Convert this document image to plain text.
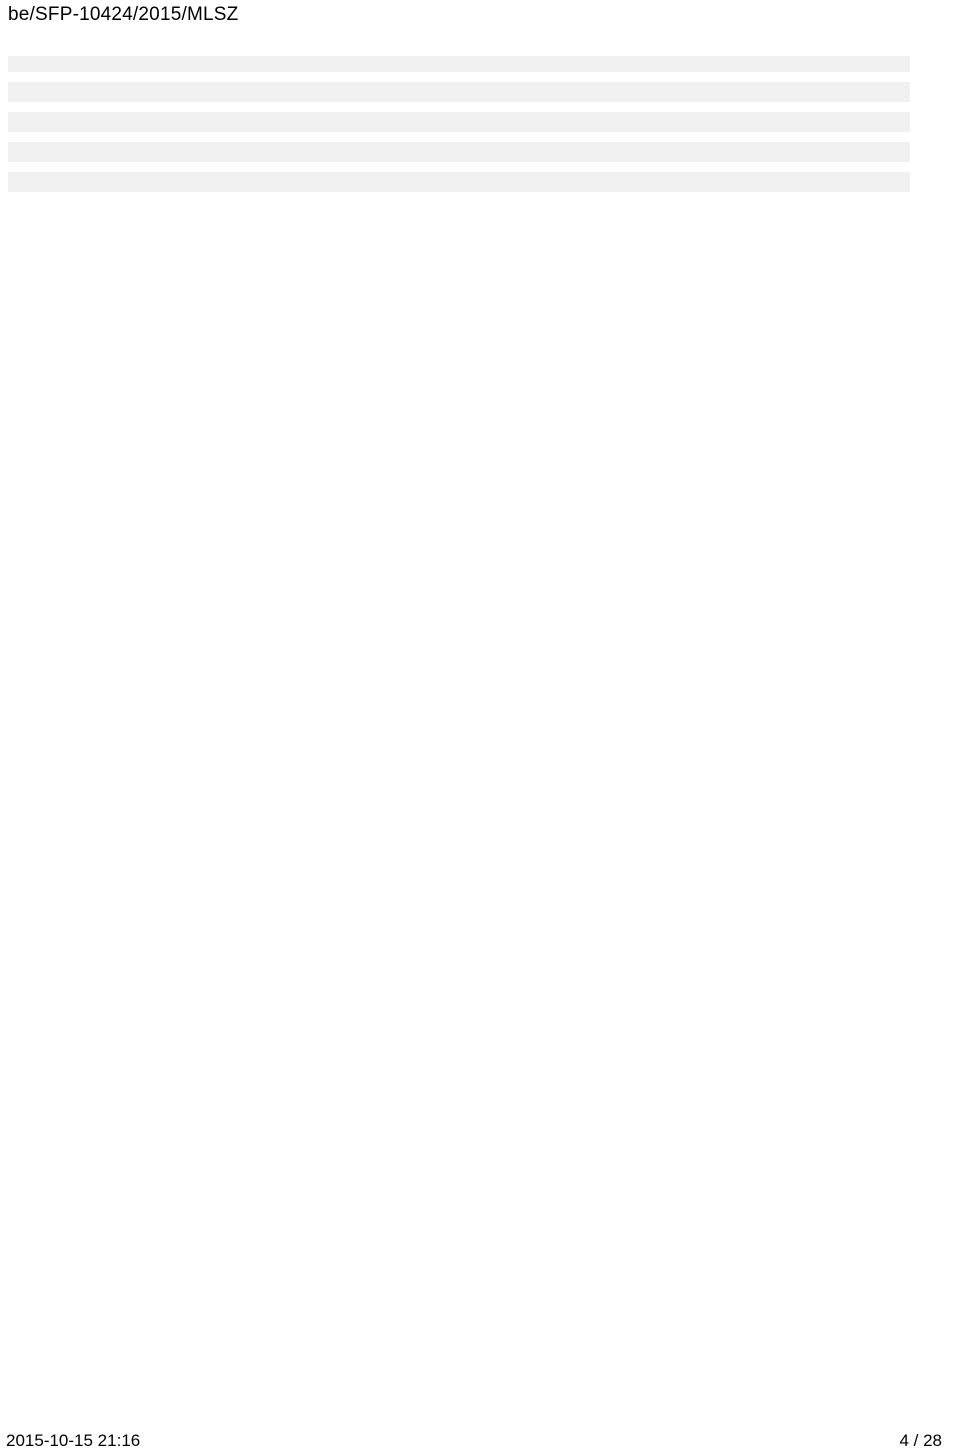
be/SFP-10424/2015/MLSZ

2015-10-15 21:16	4 / 28
